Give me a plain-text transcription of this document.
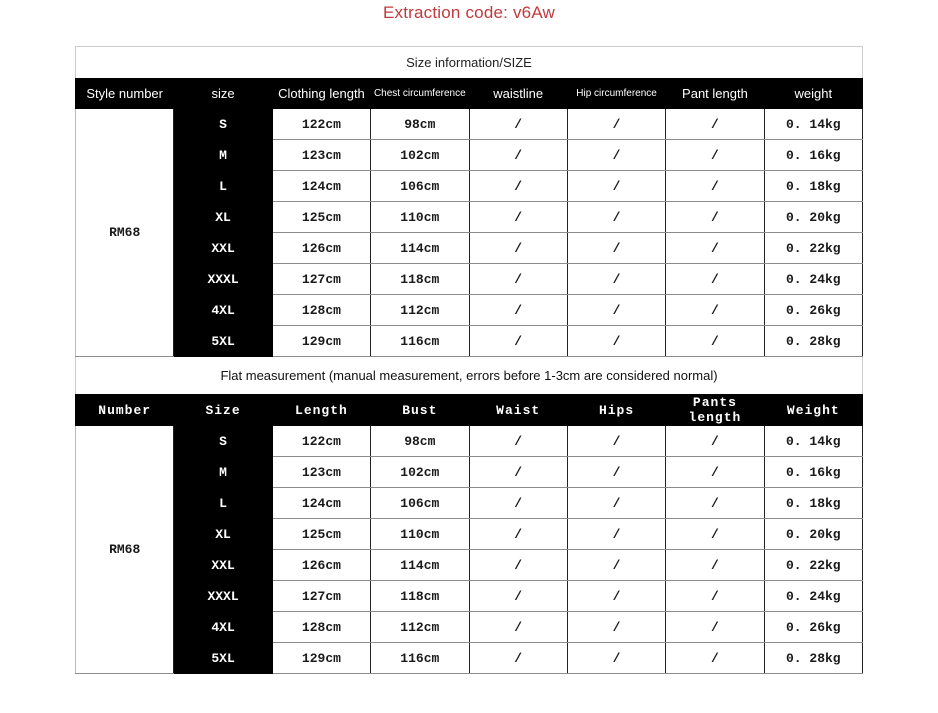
Extraction code: v6Aw
Size information/SIZE
Style number	size	Clothing length	Chest circumference	waistline	Hip circumference	Pant length	weight
RM68	S	122cm	98cm	/	/	/	0. 14kg
	M	123cm	102cm	/	/	/	0. 16kg
	L	124cm	106cm	/	/	/	0. 18kg
	XL	125cm	110cm	/	/	/	0. 20kg
	XXL	126cm	114cm	/	/	/	0. 22kg
	XXXL	127cm	118cm	/	/	/	0. 24kg
	4XL	128cm	112cm	/	/	/	0. 26kg
	5XL	129cm	116cm	/	/	/	0. 28kg
Flat measurement (manual measurement, errors before 1-3cm are considered normal)
Number	Size	Length	Bust	Waist	Hips	Pants length	Weight
RM68	S	122cm	98cm	/	/	/	0. 14kg
	M	123cm	102cm	/	/	/	0. 16kg
	L	124cm	106cm	/	/	/	0. 18kg
	XL	125cm	110cm	/	/	/	0. 20kg
	XXL	126cm	114cm	/	/	/	0. 22kg
	XXXL	127cm	118cm	/	/	/	0. 24kg
	4XL	128cm	112cm	/	/	/	0. 26kg
	5XL	129cm	116cm	/	/	/	0. 28kg
